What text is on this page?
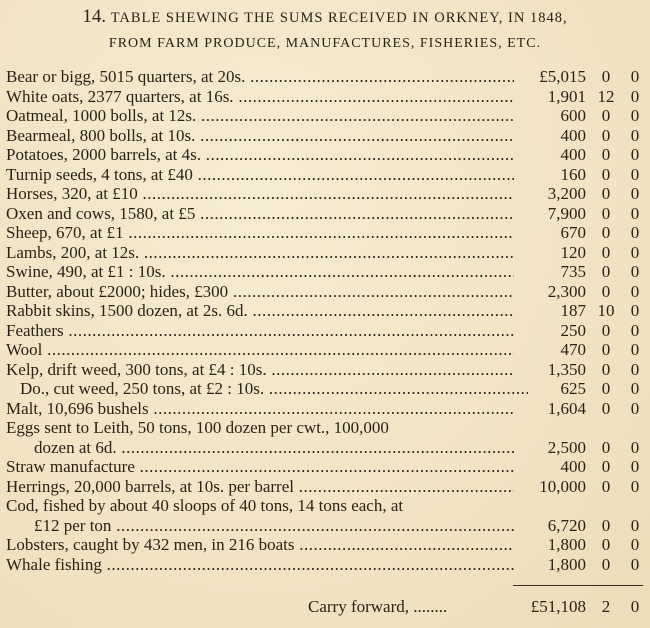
14. TABLE SHEWING THE SUMS RECEIVED IN ORKNEY, IN 1848,
FROM FARM PRODUCE, MANUFACTURES, FISHERIES, ETC.
Bear or bigg, 5015 quarters, at 20s. .....	£5,015 0	0
White oats, 2377 quarters, at 16s. .....	1,901 12 0
Oatmeal, 1000 bolls, at 12s. .....	600 0	0
Bearmeal, 800 bolls, at 10s. .....	400 0	0
Potatoes, 2000 barrels, at 4s. .....	400 0	0
Turnip seeds, 4 tons, at £40 .....	160 0	0
Horses, 320, at £10 .....	3,200 0	0
Oxen and cows, 1580, at £5 .....	7,900 0	0
Sheep, 670, at £1 .....	670 0	0
Lambs, 200, at 12s. .....	120 0	0
Swine, 490, at £1 : 10s. .....	735 0	0
Butter, about £2000; hides, £300 .....	2,300 0	0
Rabbit skins, 1500 dozen, at 2s. 6d. .....	187 10 0
Feathers .....	250 0	0
Wool .....	470 0	0
Kelp, drift weed, 300 tons, at £4 : 10s. .....	1,350 0	0
Do., cut weed, 250 tons, at £2 : 10s. .....	625 0	0
Malt, 10,696 bushels .....	1,604 0	0
Eggs sent to Leith, 50 tons, 100 dozen per cwt., 100,000
dozen at 6d. .....	2,500 0	0
Straw manufacture .....	400 0	0
Herrings, 20,000 barrels, at 10s. per barrel .....	10,000 0	0
Cod, fished by about 40 sloops of 40 tons, 14 tons each, at
£12 per ton .....	6,720 0	0
Lobsters, caught by 432 men, in 216 boats .....	1,800 0	0
Whale fishing .....	1,800 0	0
Carry forward, ........	£51,108 2	0
